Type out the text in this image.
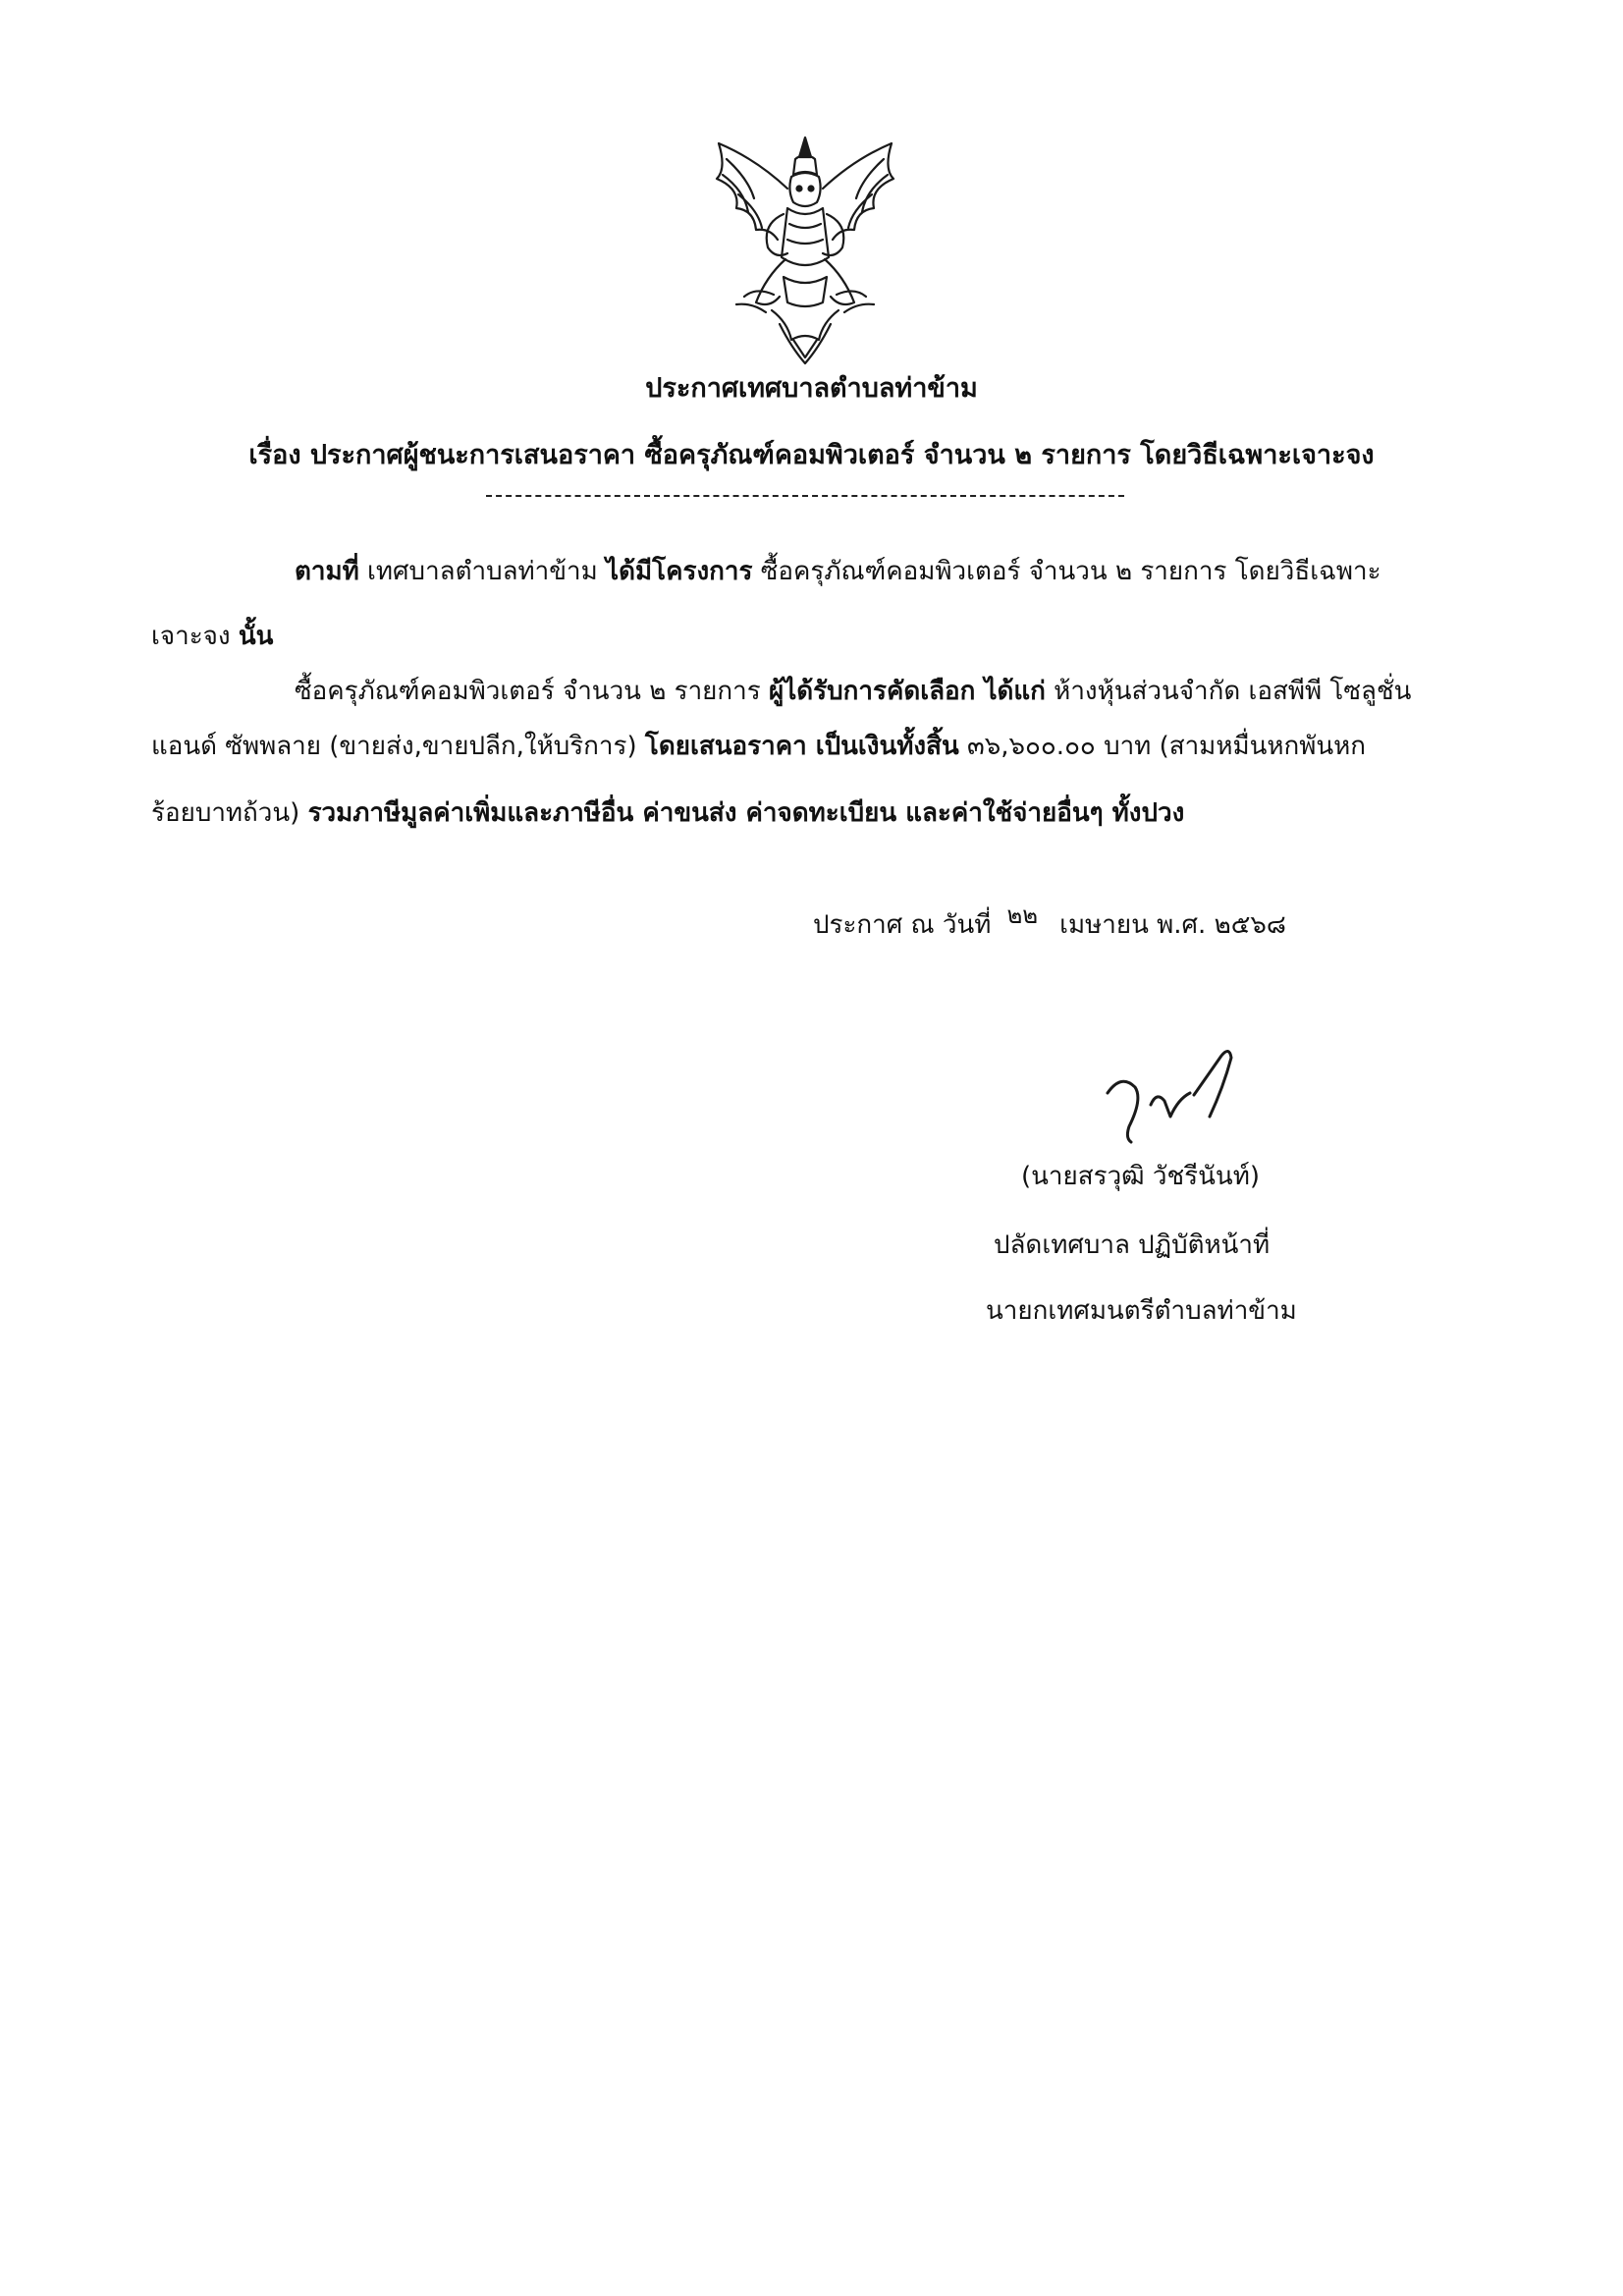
ประกาศเทศบาลตำบลท่าข้าม
เรื่อง ประกาศผู้ชนะการเสนอราคา ซื้อครุภัณฑ์คอมพิวเตอร์ จำนวน ๒ รายการ โดยวิธีเฉพาะเจาะจง
ตามที่ เทศบาลตำบลท่าข้าม ได้มีโครงการ ซื้อครุภัณฑ์คอมพิวเตอร์ จำนวน ๒ รายการ โดยวิธีเฉพาะ
เจาะจง นั้น
ซื้อครุภัณฑ์คอมพิวเตอร์ จำนวน ๒ รายการ ผู้ได้รับการคัดเลือก ได้แก่ ห้างหุ้นส่วนจำกัด เอสพีพี โซลูชั่น
แอนด์ ซัพพลาย (ขายส่ง,ขายปลีก,ให้บริการ) โดยเสนอราคา เป็นเงินทั้งสิ้น ๓๖,๖๐๐.๐๐ บาท (สามหมื่นหกพันหก
ร้อยบาทถ้วน) รวมภาษีมูลค่าเพิ่มและภาษีอื่น ค่าขนส่ง ค่าจดทะเบียน และค่าใช้จ่ายอื่นๆ ทั้งปวง
ประกาศ ณ วันที่ ๒๒ เมษายน พ.ศ. ๒๕๖๘
(นายสรวุฒิ วัชรีนันท์)
ปลัดเทศบาล ปฏิบัติหน้าที่
นายกเทศมนตรีตำบลท่าข้าม
